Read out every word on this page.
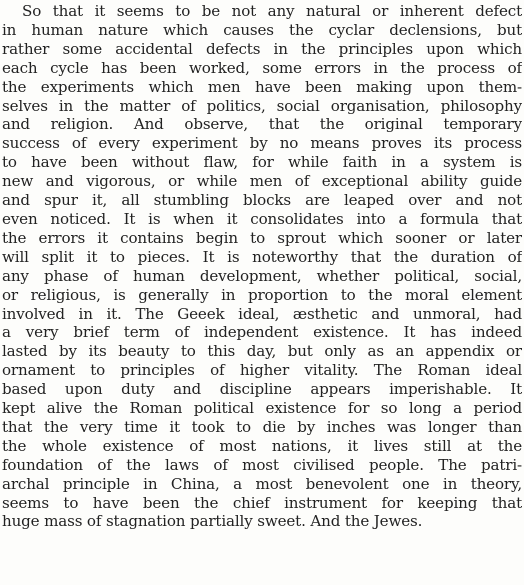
So that it seems to be not any natural or inherent defect
in human nature which causes the cyclar declensions, but
rather some accidental defects in the principles upon which
each cycle has been worked, some errors in the process of
the experiments which men have been making upon them-
selves in the matter of politics, social organisation, philosophy
and religion. And observe, that the original temporary
success of every experiment by no means proves its process
to have been without flaw, for while faith in a system is
new and vigorous, or while men of exceptional ability guide
and spur it, all stumbling blocks are leaped over and not
even noticed. It is when it consolidates into a formula that
the errors it contains begin to sprout which sooner or later
will split it to pieces. It is noteworthy that the duration of
any phase of human development, whether political, social,
or religious, is generally in proportion to the moral element
involved in it. The Geeek ideal, æsthetic and unmoral, had
a very brief term of independent existence. It has indeed
lasted by its beauty to this day, but only as an appendix or
ornament to principles of higher vitality. The Roman ideal
based upon duty and discipline appears imperishable. It
kept alive the Roman political existence for so long a period
that the very time it took to die by inches was longer than
the whole existence of most nations, it lives still at the
foundation of the laws of most civilised people. The patri-
archal principle in China, a most benevolent one in theory,
seems to have been the chief instrument for keeping that
huge mass of stagnation partially sweet. And the Jewes.
